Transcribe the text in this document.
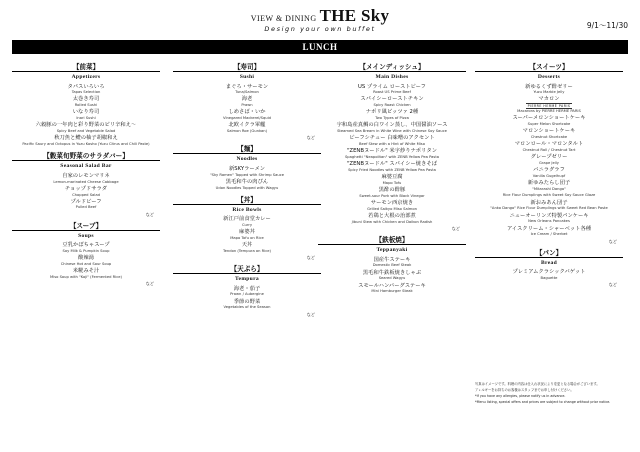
VIEW & DINING THE Sky
Design your own buffet	9/1～11/30
LUNCH
【前菜】
Appetizers
タパスいろいろ
Tapas Selection
太巻き寿司
Rolled Sushi
いなり寿司
Inari Sushi
六穀豚の一年肉と彩り野菜のピリ辛和え～
Spicy Beef and Vegetable Salad
秋刀魚と鱧の柚子胡椒和え
Pacific Saury and Octopus in Yuzu Kosho (Yuzu Citrus and Chili Paste)
【穀菜旬野菜のサラダバー】
Seasonal Salad Bar
自家のレモンマリネ
Lemon-marinated Cheese Cabbage
チョップドサラダ
Chopped Salad
プルドビーフ
Pulled Beef
など
【スープ】
Soups
豆乳かぼちゃスープ
Soy Milk & Pumpkin Soup
酸辣湯
Chinese Hot and Sour Soup
米糀みそ汁
Miso Soup with "Koji" (Fermented Rice)
など
【寿司】
Sushi
まぐろ・サーモン
Tuna/Salmon
海老
Prawn
しめさば・いか
Vinegared Mackerel/Squid
北欧イクラ軍艦
Salmon Roe (Gunkan)
など
【麺】
Noodles
新SKYラーメン
"Sky Ramen" Topped with Shrimp Sauce
黒毛和牛の肉ぴん
Udon Noodles Topped with Wagyu
【丼】
Rice Bowls
新江戸前食堂カレー
Curry
麻婆丼
Mapo Tofu on Rice
天丼
Tendon (Tempura on Rice)
など
【天ぷら】
Tempura
海老・茄子
Prawn / Aubergine
季節の野菜
Vegetables of the Season
など
【メインディッシュ】
Main Dishes
US プライム ローストビーフ
Roast US Prime Beef
スパイシーローストチキン
Spicy Roast Chicken
ナポリ風ピッツァ 2種
Two Types of Pizza
宇和島産真鯛の白ワイン蒸し、中国醤油ソース
Steamed Sea Bream in White Wine with Chinese Soy Sauce
ビーフシチュー 白味噌のアクセント
Beef Stew with a Hint of White Miso
"ZENBヌードル" 米字炒りナポリタン
Spaghetti "Neapolitan" with ZENB Yellow Pea Pasta
"ZENBヌードル" スパイシー焼きそば
Spicy Fried Noodles with ZENB Yellow Pea Pasta
麻婆豆腐
Mapo Tofu
黒酢の酢豚
Sweet-sour Pork with Black Vinegar
サーモン西京焼き
Grilled Saikyo Miso Salmon
若鶏と大根の治部煮
Jibuni Stew with Chicken and Daikon Radish
など
【鉄板焼】
Teppanyaki
国産牛ステーキ
Domestic Beef Steak
黒毛和牛鉄板焼きしゃぶ
Seared Wagyu
スモールハンバーグステーキ
Mini Hamburger Steak
【スイーツ】
Desserts
新ゆるくず酢ゼリー
Yuzu Marble Jelly
マカロン
PIERRE HERMÉ PARIS
Macarons by PIERRE HERMÉ PARIS
スーパーメロンショートケーキ
Super Melon Shortcake
マロンショートケーキ
Chestnut Shortcake
マロンロール・マロンタルト
Chestnut Roll / Chestnut Tart
グレープゼリー
Grape Jelly
バニラグラフ
Vanilla Gugelhupf
新ゆみたらし団子
"Mitarashi Dango"
Rice Flour Dumplings with Sweet Soy Sauce Glaze
新おみあん団子
"Anko Dango" Rice Flour Dumplings with Sweet Red Bean Paste
ニューオーリンズ特製パンケーキ
New Orleans Pancakes
アイスクリーム・シャーベット各種
Ice Cream / Sherbet
など
【パン】
Bread
プレミアムクラシックバゲット
Baguette
など
写真はイメージです。料理の内容は仕入れ状況により変更となる場合がございます。
アレルギーをお持ちのお客様はスタッフまでお申し付けください。
*If you have any allergies, please notify us in advance.
*Menu listing, special offers and prices are subject to change without prior notice.
